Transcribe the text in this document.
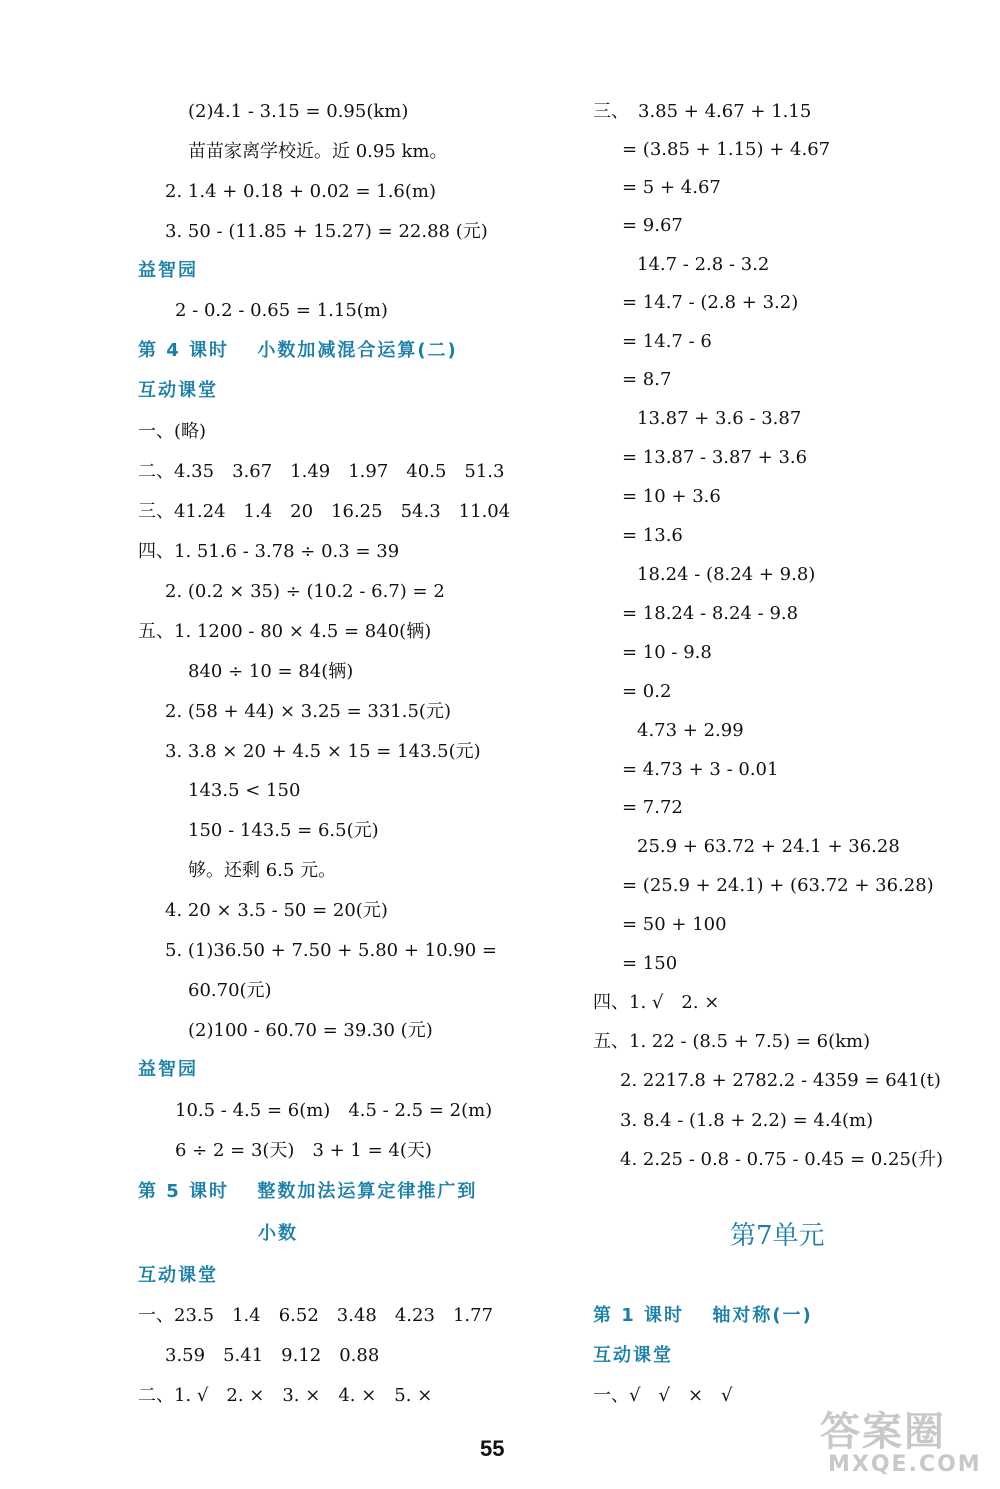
(2)4.1 - 3.15 = 0.95(km)
苗苗家离学校近。近 0.95 km。
2. 1.4 + 0.18 + 0.02 = 1.6(m)
3. 50 - (11.85 + 15.27) = 22.88 (元)
益智园
2 - 0.2 - 0.65 = 1.15(m)
第 4 课时　 小数加减混合运算(二)
互动课堂
一、(略)
二、4.35　3.67　1.49　1.97　40.5　51.3
三、41.24　1.4　20　16.25　54.3　11.04
四、1. 51.6 - 3.78 ÷ 0.3 = 39
2. (0.2 × 35) ÷ (10.2 - 6.7) = 2
五、1. 1200 - 80 × 4.5 = 840(辆)
840 ÷ 10 = 84(辆)
2. (58 + 44) × 3.25 = 331.5(元)
3. 3.8 × 20 + 4.5 × 15 = 143.5(元)
143.5 < 150
150 - 143.5 = 6.5(元)
够。还剩 6.5 元。
4. 20 × 3.5 - 50 = 20(元)
5. (1)36.50 + 7.50 + 5.80 + 10.90 =
60.70(元)
(2)100 - 60.70 = 39.30 (元)
益智园
10.5 - 4.5 = 6(m)　4.5 - 2.5 = 2(m)
6 ÷ 2 = 3(天)　3 + 1 = 4(天)
第 5 课时　 整数加法运算定律推广到
小数
互动课堂
一、23.5　1.4　6.52　3.48　4.23　1.77
3.59　5.41　9.12　0.88
二、1. √　2. ×　3. ×　4. ×　5. ×
三、　3.85 + 4.67 + 1.15
= (3.85 + 1.15) + 4.67
= 5 + 4.67
= 9.67
14.7 - 2.8 - 3.2
= 14.7 - (2.8 + 3.2)
= 14.7 - 6
= 8.7
13.87 + 3.6 - 3.87
= 13.87 - 3.87 + 3.6
= 10 + 3.6
= 13.6
18.24 - (8.24 + 9.8)
= 18.24 - 8.24 - 9.8
= 10 - 9.8
= 0.2
4.73 + 2.99
= 4.73 + 3 - 0.01
= 7.72
25.9 + 63.72 + 24.1 + 36.28
= (25.9 + 24.1) + (63.72 + 36.28)
= 50 + 100
= 150
四、1. √　2. ×
五、1. 22 - (8.5 + 7.5) = 6(km)
2. 2217.8 + 2782.2 - 4359 = 641(t)
3. 8.4 - (1.8 + 2.2) = 4.4(m)
4. 2.25 - 0.8 - 0.75 - 0.45 = 0.25(升)
第7单元
第 1 课时　 轴对称(一)
互动课堂
一、√　√　×　√
55	答案圈
MXQE.COM
